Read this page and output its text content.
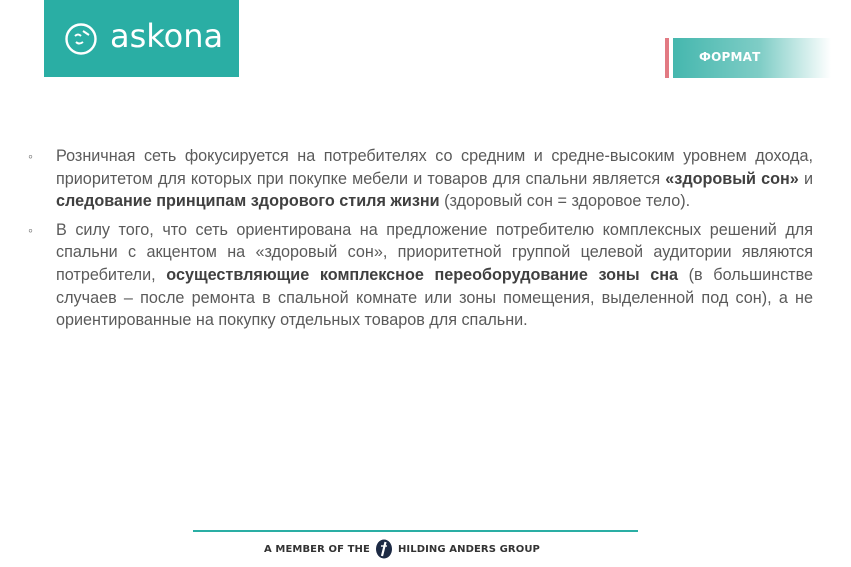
askona
ФОРМАТ
◦	Розничная сеть фокусируется на потребителях со средним и средне-высоким уровнем дохода, приоритетом для которых при покупке мебели и товаров для спальни является «здоровый сон» и следование принципам здорового стиля жизни (здоровый сон = здоровое тело).
◦	В силу того, что сеть ориентирована на предложение потребителю комплексных решений для спальни с акцентом на «здоровый сон», приоритетной группой целевой аудитории являются потребители, осуществляющие комплексное переоборудование зоны сна (в большинстве случаев – после ремонта в спальной комнате или зоны помещения, выделенной под сон), а не ориентированные на покупку отдельных товаров для спальни.
A MEMBER OF THE	HILDING ANDERS GROUP
